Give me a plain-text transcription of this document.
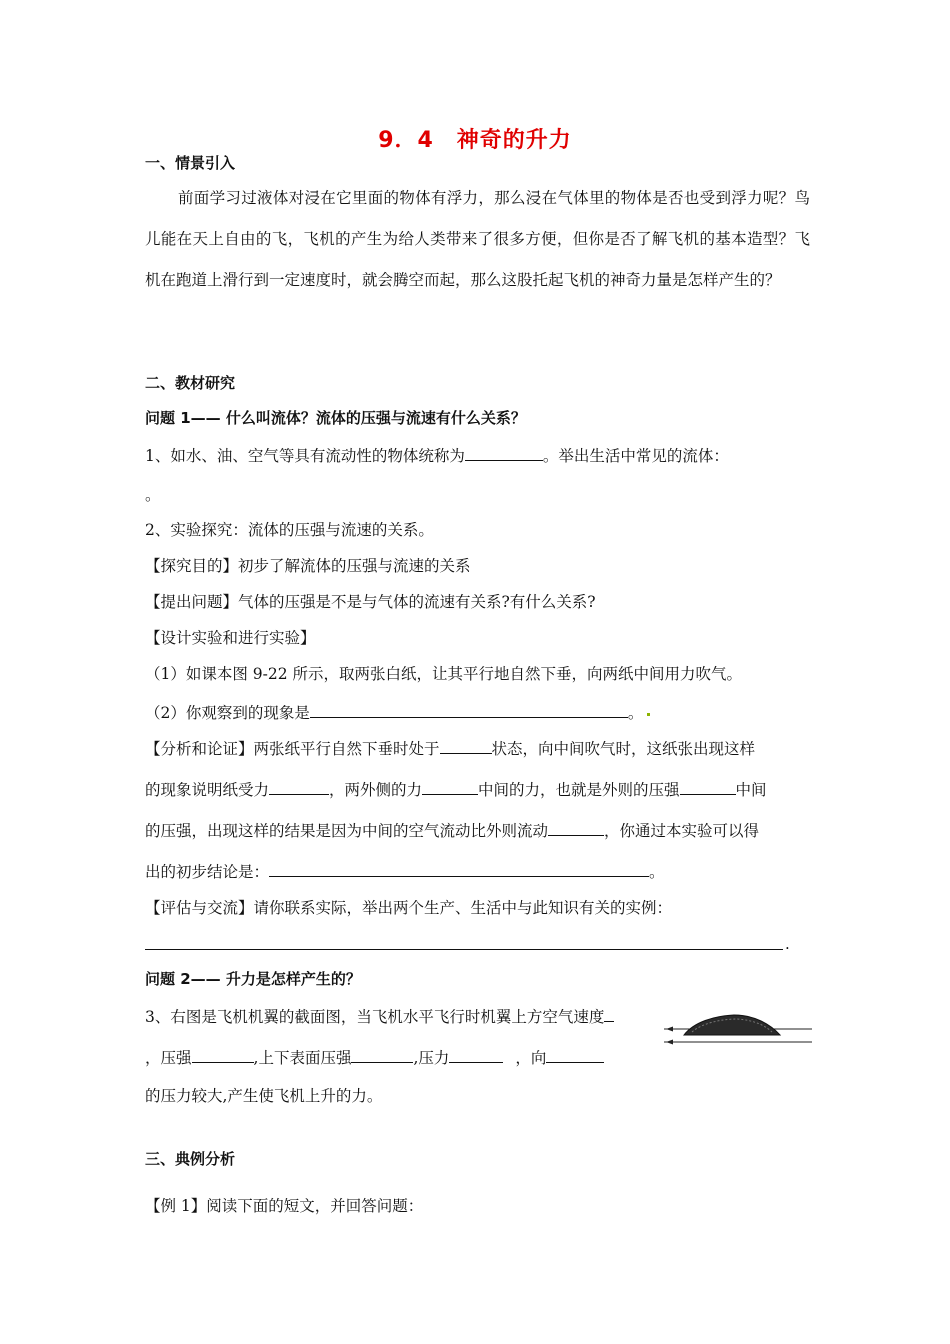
9．4　神奇的升力
一、情景引入
前面学习过液体对浸在它里面的物体有浮力，那么浸在气体里的物体是否也受到浮力呢？鸟儿能在天上自由的飞，飞机的产生为给人类带来了很多方便，但你是否了解飞机的基本造型？飞机在跑道上滑行到一定速度时，就会腾空而起，那么这股托起飞机的神奇力量是怎样产生的？
二、教材研究
问题 1—— 什么叫流体？流体的压强与流速有什么关系？
1、如水、油、空气等具有流动性的物体统称为	。举出生活中常见的流体：
。
2、实验探究：流体的压强与流速的关系。
【探究目的】初步了解流体的压强与流速的关系
【提出问题】气体的压强是不是与气体的流速有关系?有什么关系?
【设计实验和进行实验】
（1）如课本图 9-22 所示，取两张白纸，让其平行地自然下垂，向两纸中间用力吹气。
（2）你观察到的现象是	。
【分析和论证】两张纸平行自然下垂时处于	状态，向中间吹气时，这纸张出现这样
的现象说明纸受力	，两外侧的力	中间的力，也就是外则的压强	中间
的压强，出现这样的结果是因为中间的空气流动比外则流动	，你通过本实验可以得
出的初步结论是：	。
【评估与交流】请你联系实际，举出两个生产、生活中与此知识有关的实例：
.
问题 2—— 升力是怎样产生的？
3、右图是飞机机翼的截面图，当飞机水平飞行时机翼上方空气速度
，压强	,上下表面压强	,压力	，向
的压力较大,产生使飞机上升的力。
三、典例分析
【例 1】阅读下面的短文，并回答问题：
